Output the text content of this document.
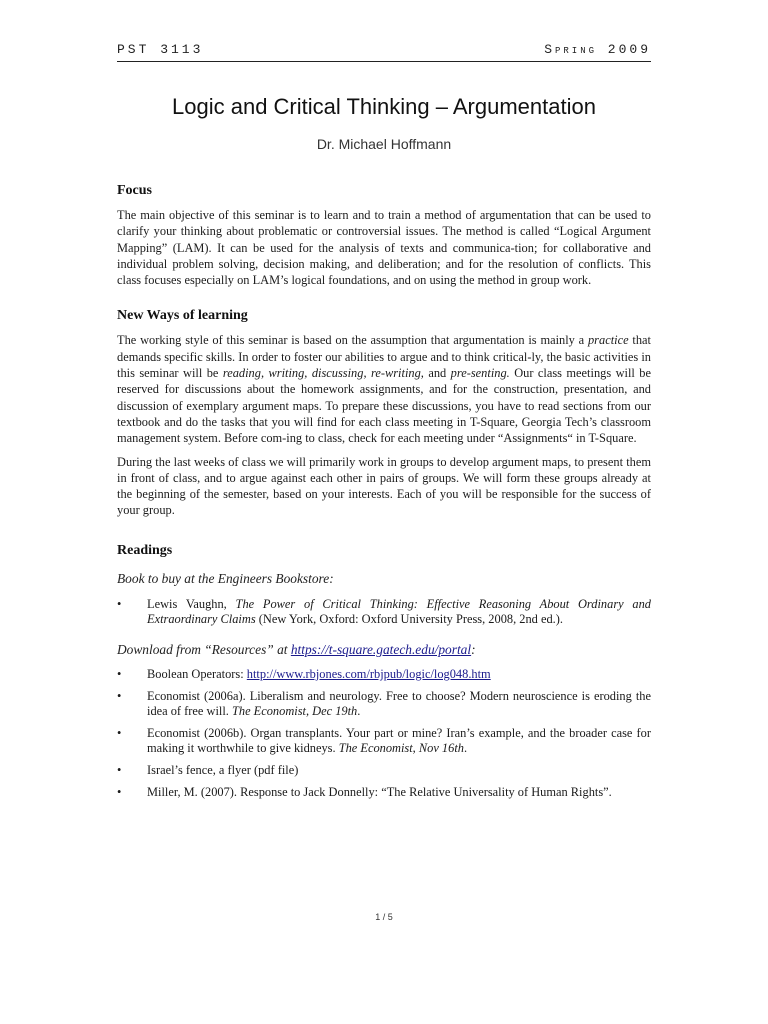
PST 3113	Spring 2009
Logic and Critical Thinking – Argumentation
Dr. Michael Hoffmann
Focus

The main objective of this seminar is to learn and to train a method of argumentation that can be used to clarify your thinking about problematic or controversial issues. The method is called “Logical Argument Mapping” (LAM). It can be used for the analysis of texts and communica-tion; for collaborative and individual problem solving, decision making, and deliberation; and for the resolution of conflicts. This class focuses especially on LAM’s logical foundations, and on using the method in group work.

New Ways of learning

The working style of this seminar is based on the assumption that argumentation is mainly a practice that demands specific skills. In order to foster our abilities to argue and to think critical-ly, the basic activities in this seminar will be reading, writing, discussing, re-writing, and pre-senting. Our class meetings will be reserved for discussions about the homework assignments, and for the construction, presentation, and discussion of exemplary argument maps. To prepare these discussions, you have to read sections from our textbook and do the tasks that you will find for each class meeting in T-Square, Georgia Tech’s classroom management system. Before com-ing to class, check for each meeting under “Assignments“ in T-Square.

During the last weeks of class we will primarily work in groups to develop argument maps, to present them in front of class, and to argue against each other in pairs of groups. We will form these groups already at the beginning of the semester, based on your interests. Each of you will be responsible for the success of your group.

Readings

Book to buy at the Engineers Bookstore:

• Lewis Vaughn, The Power of Critical Thinking: Effective Reasoning About Ordinary and Extraordinary Claims (New York, Oxford: Oxford University Press, 2008, 2nd ed.).

Download from “Resources” at https://t-square.gatech.edu/portal:

• Boolean Operators: http://www.rbjones.com/rbjpub/logic/log048.htm
• Economist (2006a). Liberalism and neurology. Free to choose? Modern neuroscience is eroding the idea of free will. The Economist, Dec 19th.
• Economist (2006b). Organ transplants. Your part or mine? Iran’s example, and the broader case for making it worthwhile to give kidneys. The Economist, Nov 16th.
• Israel’s fence, a flyer (pdf file)
• Miller, M. (2007). Response to Jack Donnelly: “The Relative Universality of Human Rights”.
1 / 5
